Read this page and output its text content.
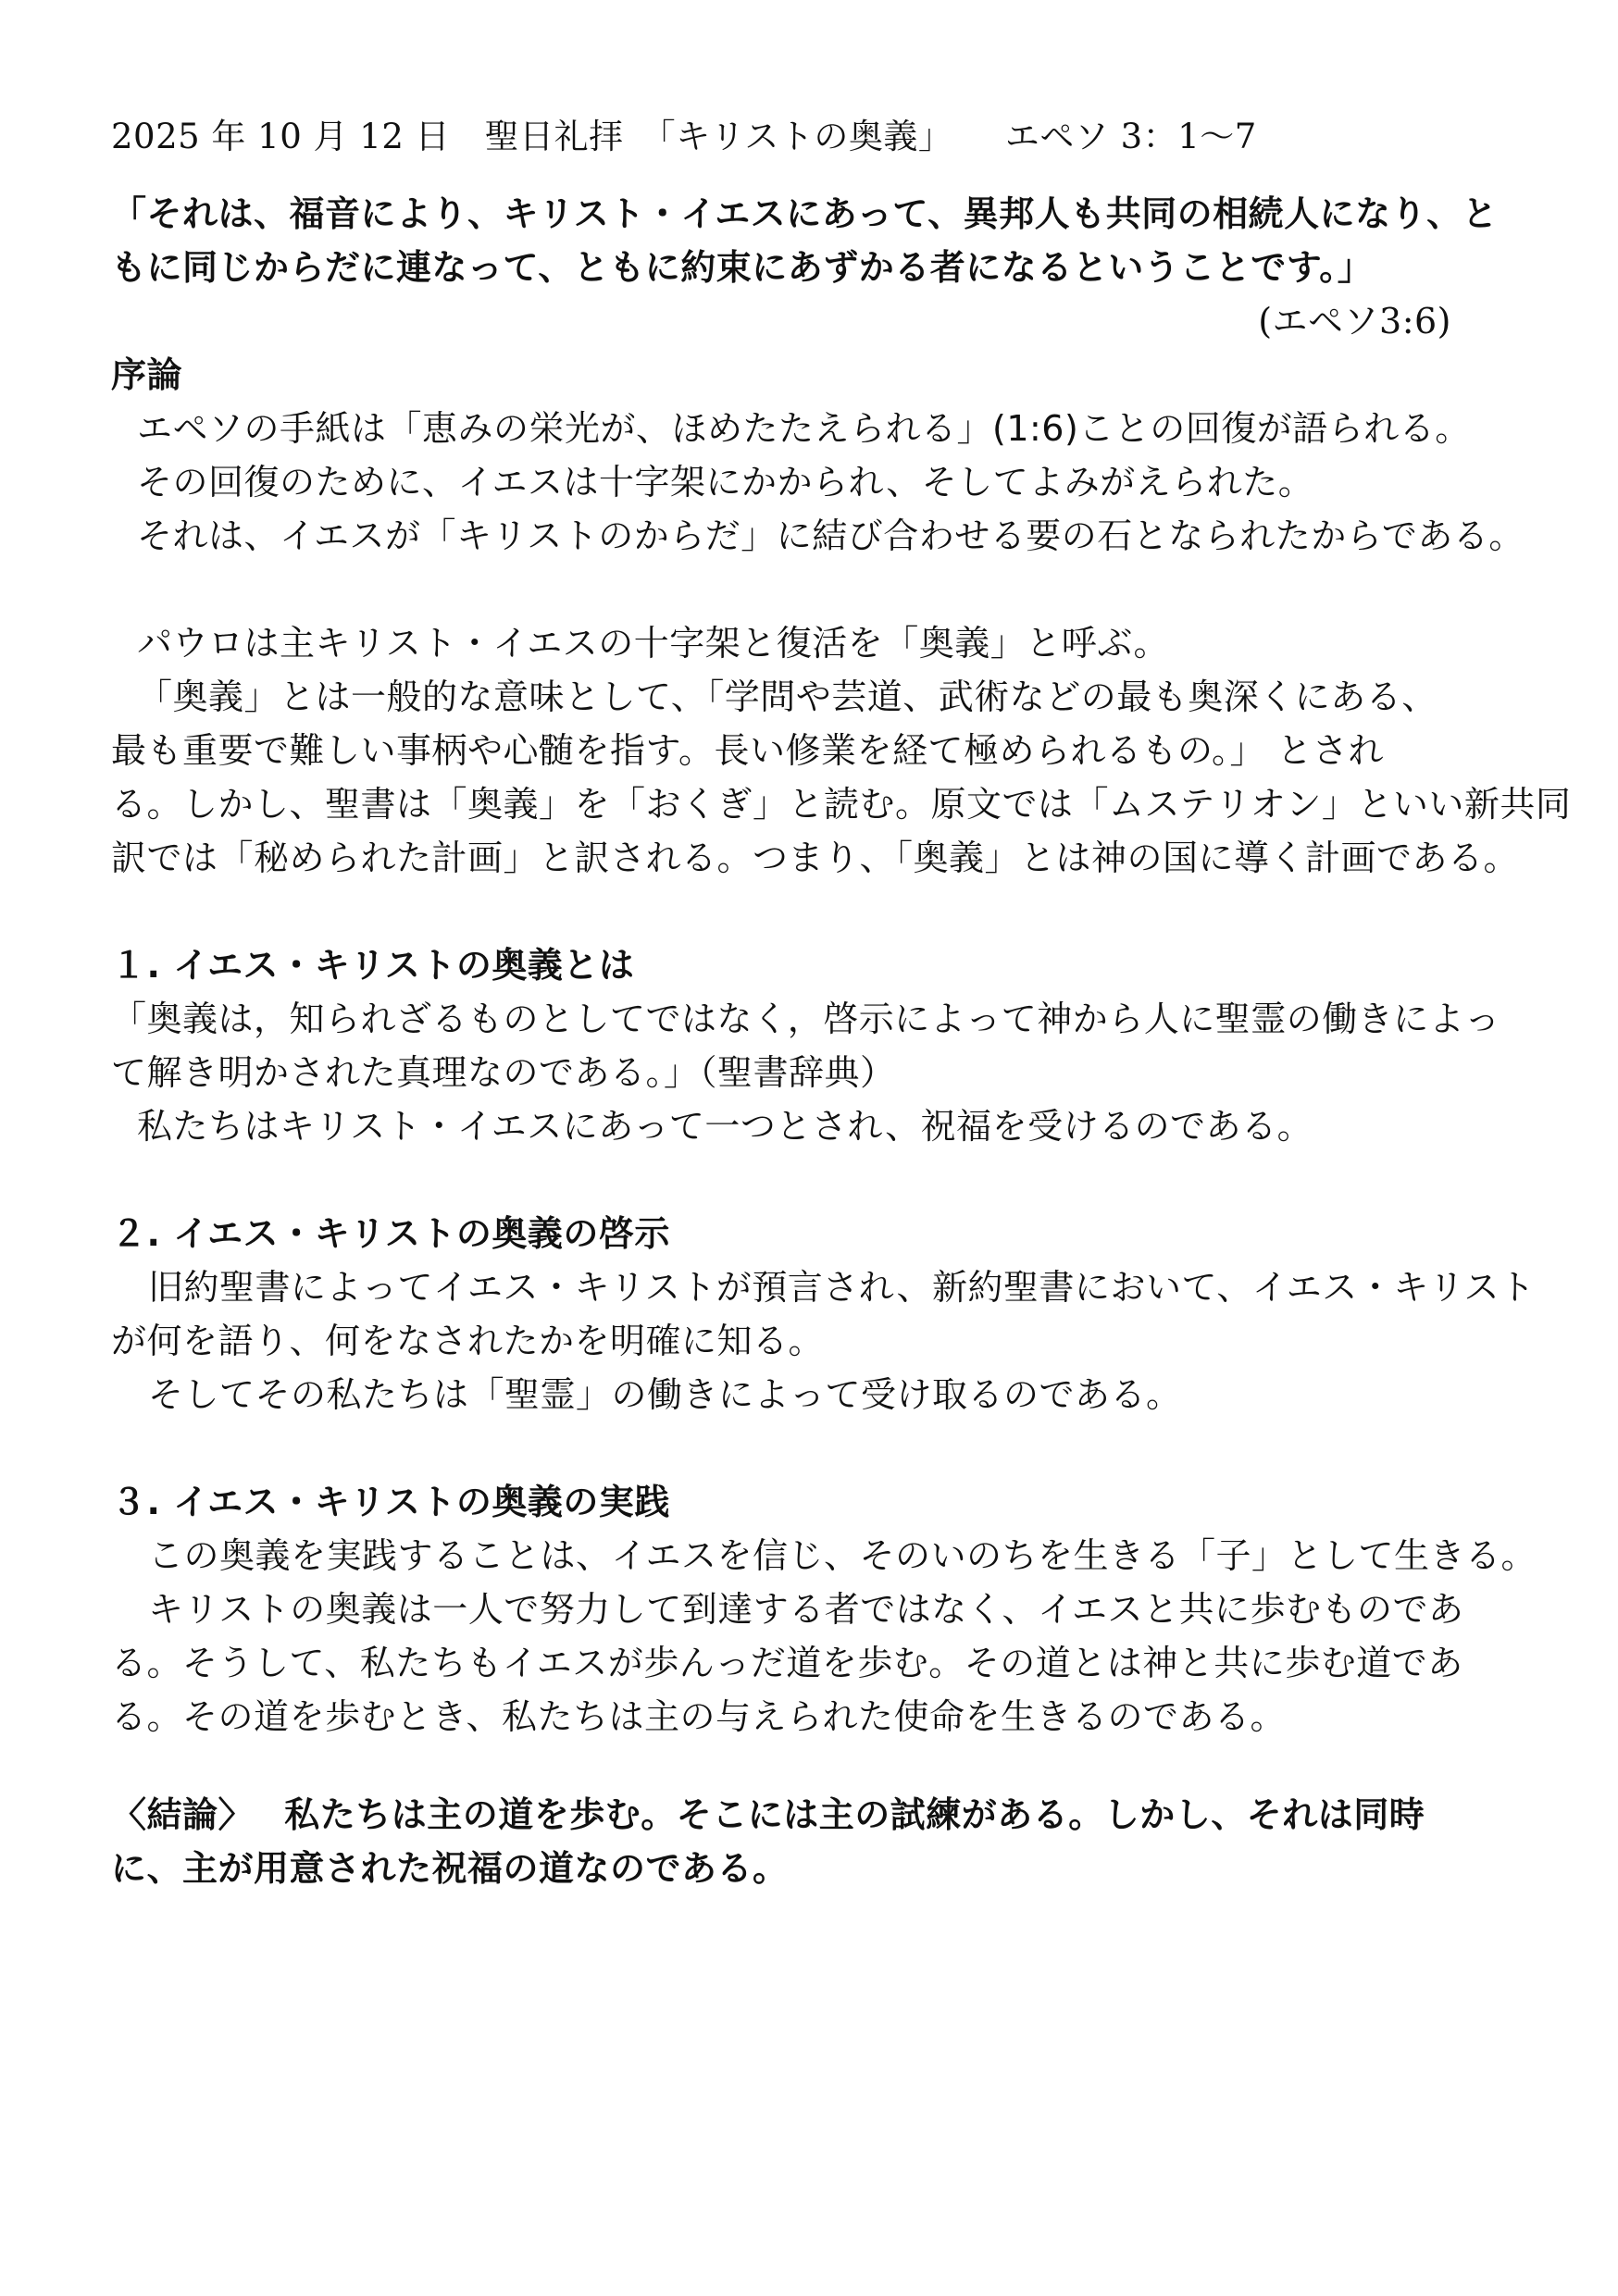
2025 年 10 月 12 日　聖日礼拝　「キリストの奥義」　　エペソ 3：1～7
「それは、福音により、キリスト・イエスにあって、異邦人も共同の相続人になり、と
もに同じからだに連なって、ともに約束にあずかる者になるということです。」
(エペソ3:6)
序論
エペソの手紙は「恵みの栄光が、ほめたたえられる」(1:6)ことの回復が語られる。
その回復のために、イエスは十字架にかかられ、そしてよみがえられた。
それは、イエスが「キリストのからだ」に結び合わせる要の石となられたからである。
パウロは主キリスト・イエスの十字架と復活を「奥義」と呼ぶ。
「奥義」とは一般的な意味として、「学問や芸道、武術などの最も奥深くにある、
最も重要で難しい事柄や心髄を指す。長い修業を経て極められるもの。」 とされ
る。しかし、聖書は「奥義」を「おくぎ」と読む。原文では「ムステリオン」といい新共同
訳では「秘められた計画」と訳される。つまり、「奥義」とは神の国に導く計画である。
１. イエス・キリストの奥義とは
「奥義は，知られざるものとしてではなく，啓示によって神から人に聖霊の働きによっ
て解き明かされた真理なのである。」（聖書辞典）
私たちはキリスト・イエスにあって一つとされ、祝福を受けるのである。
２. イエス・キリストの奥義の啓示
旧約聖書によってイエス・キリストが預言され、新約聖書において、イエス・キリスト
が何を語り、何をなされたかを明確に知る。
そしてその私たちは「聖霊」の働きによって受け取るのである。
３. イエス・キリストの奥義の実践
この奥義を実践することは、イエスを信じ、そのいのちを生きる「子」として生きる。
キリストの奥義は一人で努力して到達する者ではなく、イエスと共に歩むものであ
る。そうして、私たちもイエスが歩んっだ道を歩む。その道とは神と共に歩む道であ
る。その道を歩むとき、私たちは主の与えられた使命を生きるのである。
〈結論〉　 私たちは主の道を歩む。そこには主の試練がある。しかし、それは同時
に、主が用意された祝福の道なのである。
